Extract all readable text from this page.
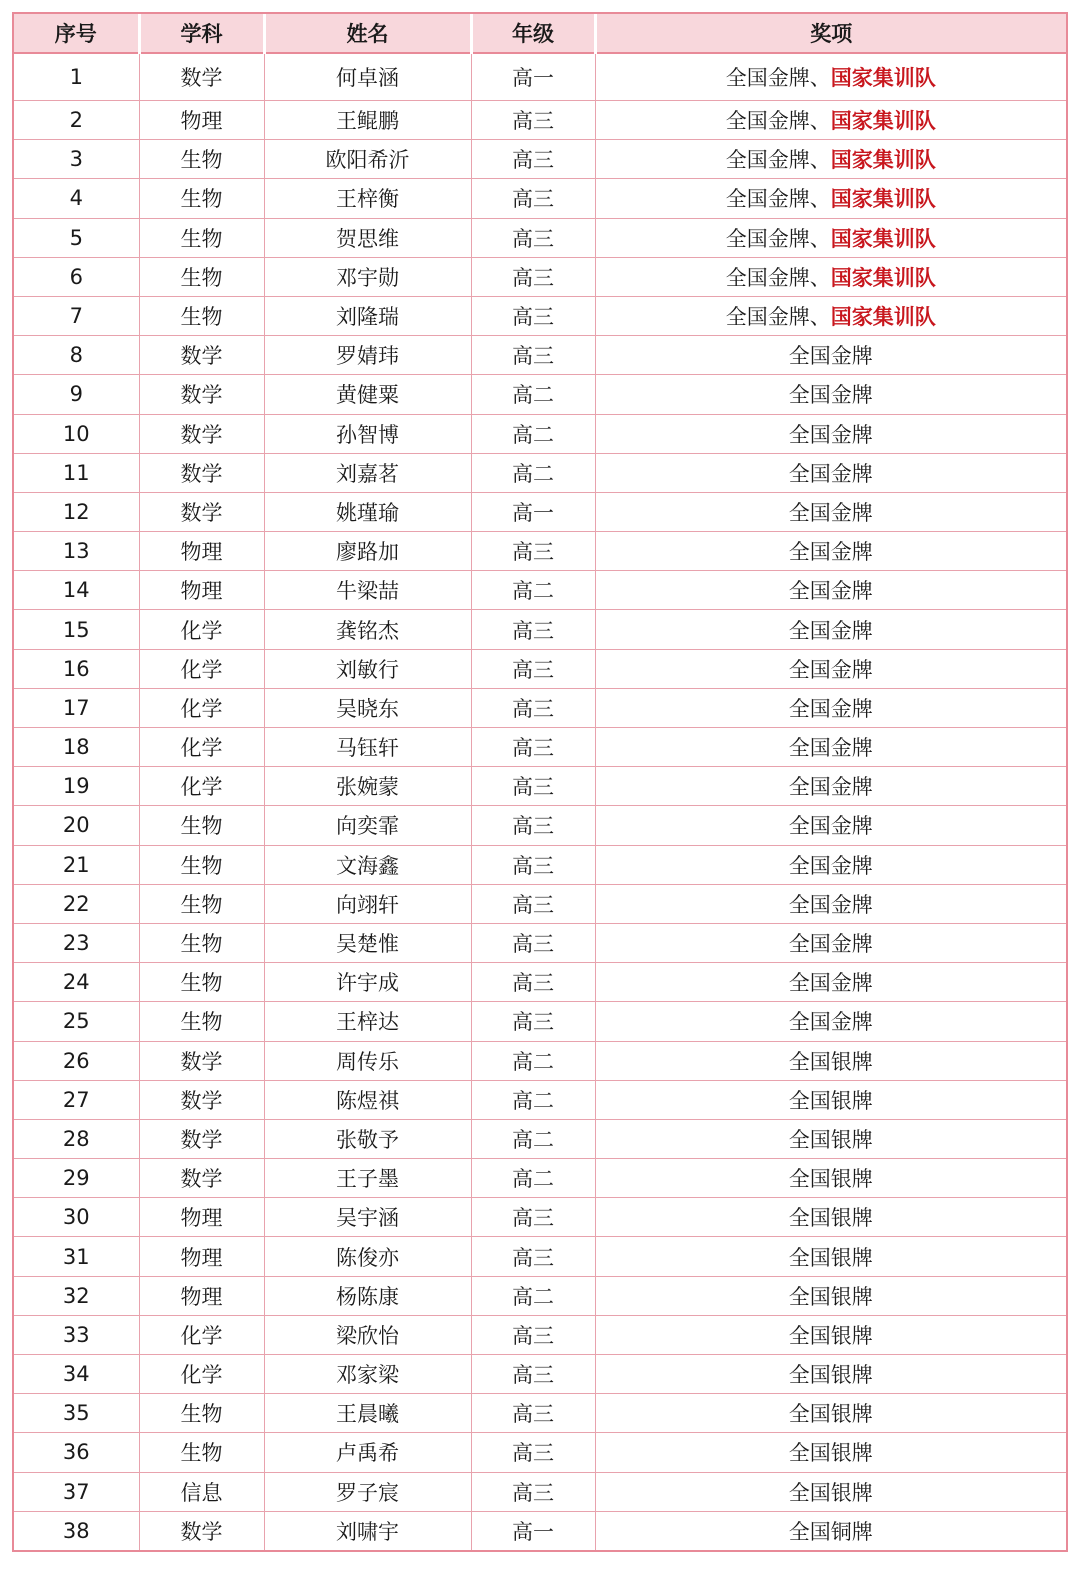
序号	学科	姓名	年级	奖项
1	数学	何卓涵	高一	全国金牌、国家集训队
2	物理	王鲲鹏	高三	全国金牌、国家集训队
3	生物	欧阳希沂	高三	全国金牌、国家集训队
4	生物	王梓衡	高三	全国金牌、国家集训队
5	生物	贺思维	高三	全国金牌、国家集训队
6	生物	邓宇勋	高三	全国金牌、国家集训队
7	生物	刘隆瑞	高三	全国金牌、国家集训队
8	数学	罗婧玮	高三	全国金牌
9	数学	黄健粟	高二	全国金牌
10	数学	孙智博	高二	全国金牌
11	数学	刘嘉茗	高二	全国金牌
12	数学	姚瑾瑜	高一	全国金牌
13	物理	廖路加	高三	全国金牌
14	物理	牛梁喆	高二	全国金牌
15	化学	龚铭杰	高三	全国金牌
16	化学	刘敏行	高三	全国金牌
17	化学	吴晓东	高三	全国金牌
18	化学	马钰轩	高三	全国金牌
19	化学	张婉蒙	高三	全国金牌
20	生物	向奕霏	高三	全国金牌
21	生物	文海鑫	高三	全国金牌
22	生物	向翊轩	高三	全国金牌
23	生物	吴楚惟	高三	全国金牌
24	生物	许宇成	高三	全国金牌
25	生物	王梓达	高三	全国金牌
26	数学	周传乐	高二	全国银牌
27	数学	陈煜祺	高二	全国银牌
28	数学	张敬予	高二	全国银牌
29	数学	王子墨	高二	全国银牌
30	物理	吴宇涵	高三	全国银牌
31	物理	陈俊亦	高三	全国银牌
32	物理	杨陈康	高二	全国银牌
33	化学	梁欣怡	高三	全国银牌
34	化学	邓家梁	高三	全国银牌
35	生物	王晨曦	高三	全国银牌
36	生物	卢禹希	高三	全国银牌
37	信息	罗子宸	高三	全国银牌
38	数学	刘啸宇	高一	全国铜牌
